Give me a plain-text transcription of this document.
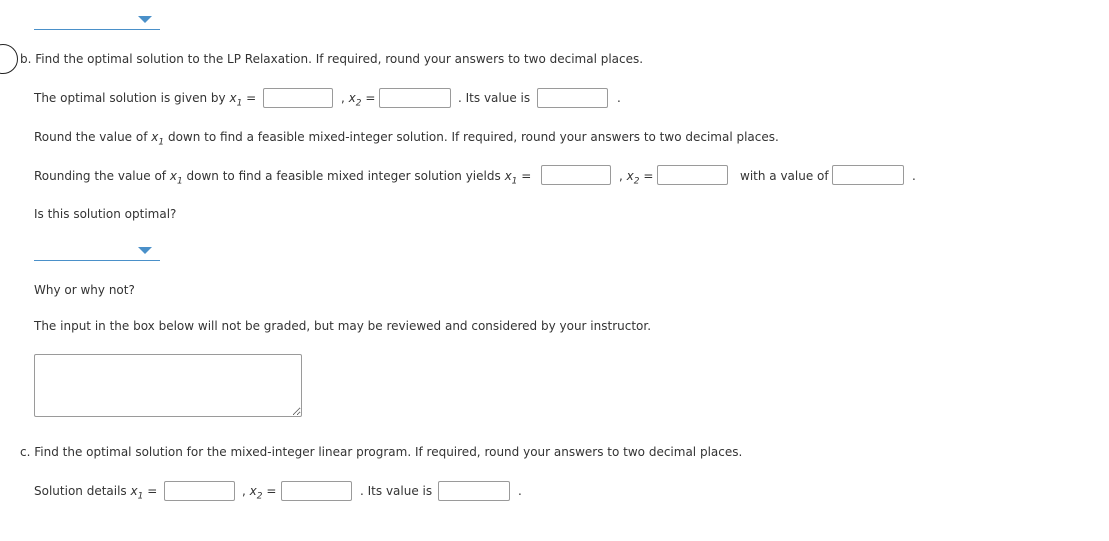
b. Find the optimal solution to the LP Relaxation. If required, round your answers to two decimal places.
The optimal solution is given by $x_1$ =	, $x_2$ =	. Its value is	.
Round the value of $x_1$ down to find a feasible mixed-integer solution. If required, round your answers to two decimal places.
Rounding the value of $x_1$ down to find a feasible mixed integer solution yields $x_1$ =	, $x_2$ =	with a value of	.
Is this solution optimal?
Why or why not?
The input in the box below will not be graded, but may be reviewed and considered by your instructor.
c. Find the optimal solution for the mixed-integer linear program. If required, round your answers to two decimal places.
Solution details $x_1$ =	, $x_2$ =	. Its value is	.
